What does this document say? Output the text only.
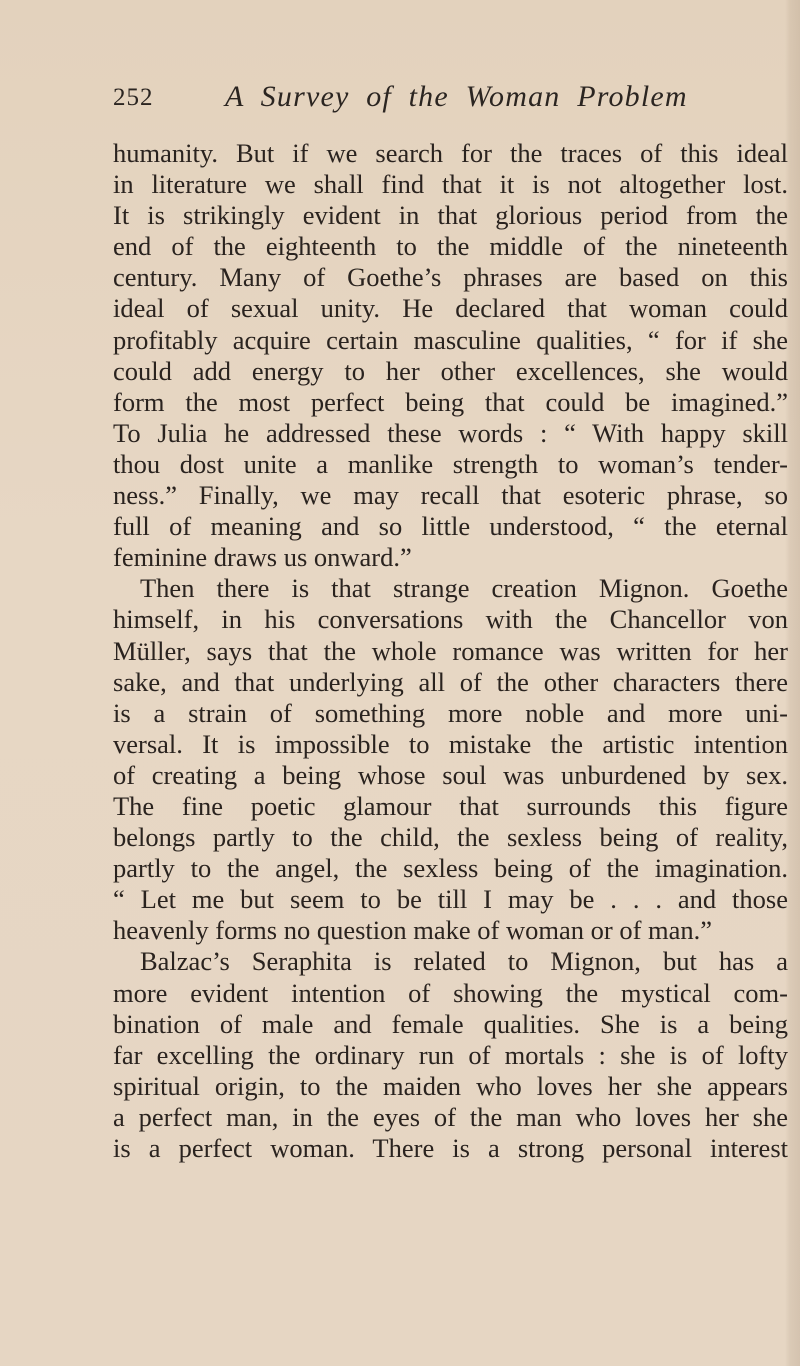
252 A Survey of the Woman Problem
humanity. But if we search for the traces of this ideal
in literature we shall find that it is not altogether lost.
It is strikingly evident in that glorious period from the
end of the eighteenth to the middle of the nineteenth
century. Many of Goethe’s phrases are based on this
ideal of sexual unity. He declared that woman could
profitably acquire certain masculine qualities, “ for if she
could add energy to her other excellences, she would
form the most perfect being that could be imagined.”
To Julia he addressed these words : “ With happy skill
thou dost unite a manlike strength to woman’s tender-
ness.” Finally, we may recall that esoteric phrase, so
full of meaning and so little understood, “ the eternal
feminine draws us onward.”
Then there is that strange creation Mignon. Goethe
himself, in his conversations with the Chancellor von
Müller, says that the whole romance was written for her
sake, and that underlying all of the other characters there
is a strain of something more noble and more uni-
versal. It is impossible to mistake the artistic intention
of creating a being whose soul was unburdened by sex.
The fine poetic glamour that surrounds this figure
belongs partly to the child, the sexless being of reality,
partly to the angel, the sexless being of the imagination.
“ Let me but seem to be till I may be . . . and those
heavenly forms no question make of woman or of man.”
Balzac’s Seraphita is related to Mignon, but has a
more evident intention of showing the mystical com-
bination of male and female qualities. She is a being
far excelling the ordinary run of mortals : she is of lofty
spiritual origin, to the maiden who loves her she appears
a perfect man, in the eyes of the man who loves her she
is a perfect woman. There is a strong personal interest
